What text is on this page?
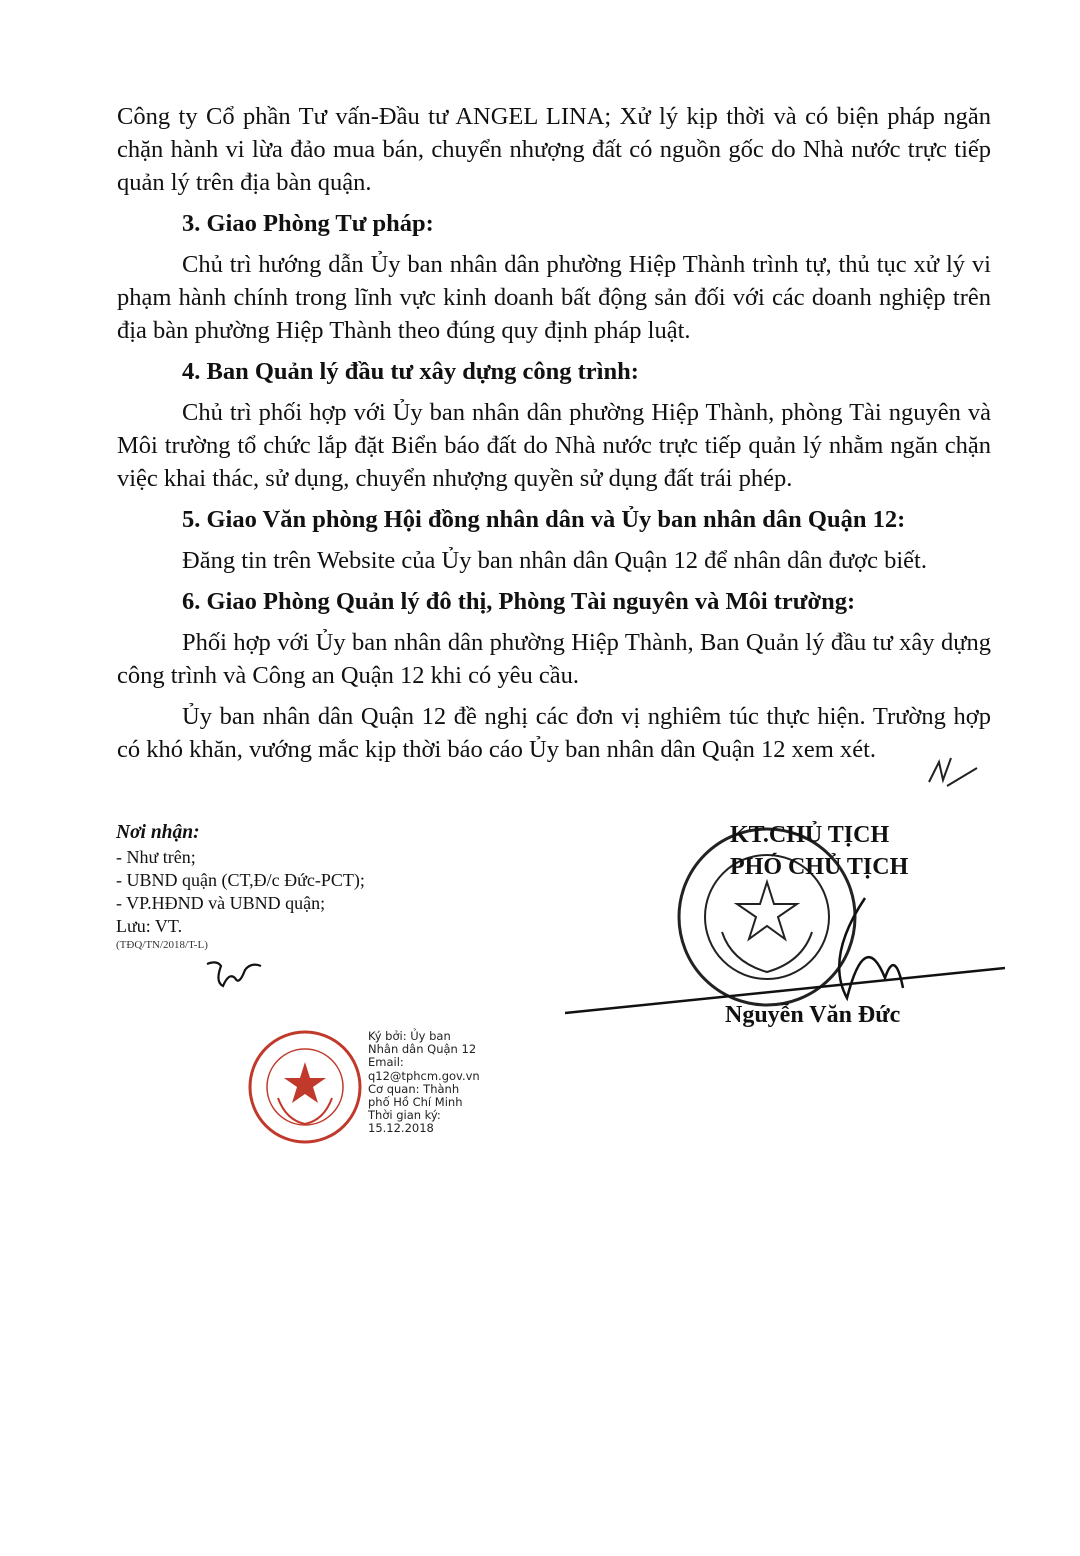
Công ty Cổ phần Tư vấn-Đầu tư ANGEL LINA; Xử lý kịp thời và có biện pháp ngăn chặn hành vi lừa đảo mua bán, chuyển nhượng đất có nguồn gốc do Nhà nước trực tiếp quản lý trên địa bàn quận.

3. Giao Phòng Tư pháp:

Chủ trì hướng dẫn Ủy ban nhân dân phường Hiệp Thành trình tự, thủ tục xử lý vi phạm hành chính trong lĩnh vực kinh doanh bất động sản đối với các doanh nghiệp trên địa bàn phường Hiệp Thành theo đúng quy định pháp luật.

4. Ban Quản lý đầu tư xây dựng công trình:

Chủ trì phối hợp với Ủy ban nhân dân phường Hiệp Thành, phòng Tài nguyên và Môi trường tổ chức lắp đặt Biển báo đất do Nhà nước trực tiếp quản lý nhằm ngăn chặn việc khai thác, sử dụng, chuyển nhượng quyền sử dụng đất trái phép.

5. Giao Văn phòng Hội đồng nhân dân và Ủy ban nhân dân Quận 12:

Đăng tin trên Website của Ủy ban nhân dân Quận 12 để nhân dân được biết.

6. Giao Phòng Quản lý đô thị, Phòng Tài nguyên và Môi trường:

Phối hợp với Ủy ban nhân dân phường Hiệp Thành, Ban Quản lý đầu tư xây dựng công trình và Công an Quận 12 khi có yêu cầu.

Ủy ban nhân dân Quận 12 đề nghị các đơn vị nghiêm túc thực hiện. Trường hợp có khó khăn, vướng mắc kịp thời báo cáo Ủy ban nhân dân Quận 12 xem xét.

Nơi nhận:
- Như trên;
- UBND quận (CT,Đ/c Đức-PCT);
- VP.HĐND và UBND quận;
Lưu: VT.
(TĐQ/TN/2018/T-L)
KT.CHỦ TỊCH
PHÓ CHỦ TỊCH
Nguyễn Văn Đức
Ký bởi: Ủy ban
Nhân dân Quận 12
Email:
q12@tphcm.gov.vn
Cơ quan: Thành
phố Hồ Chí Minh
Thời gian ký:
15.12.2018
